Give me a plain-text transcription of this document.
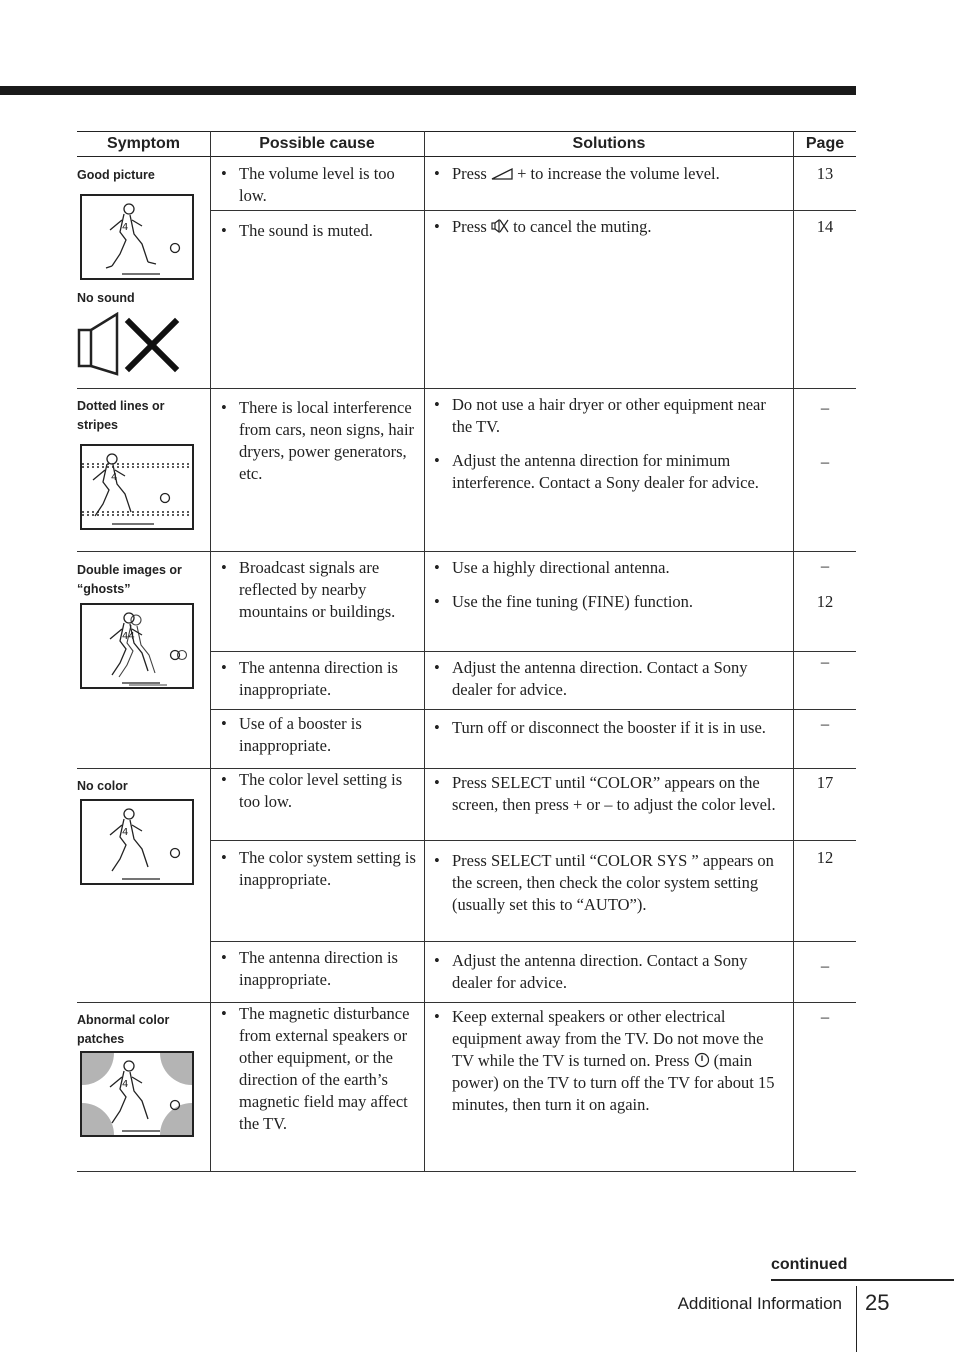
Symptom	Possible cause	Solutions	Page
Good picture
4
No sound
• The volume level is too low.
• Press + to increase the volume level.	13
• The sound is muted.
•	Press to cancel the muting.	14
Dotted lines or stripes
4
• There is local interference from cars, neon signs, hair dryers, power generators, etc.
• Do not use a hair dryer or other equipment near the TV.
• Adjust the antenna direction for minimum interference. Contact a Sony dealer for advice.
–
–
Double images or “ghosts”
44
• Broadcast signals are reflected by nearby mountains or buildings.
• Use a highly directional antenna.
• Use the fine tuning (FINE) function.
–
12
• The antenna direction is inappropriate.
• Adjust the antenna direction. Contact a Sony dealer for advice.
–
• Use of a booster is inappropriate.
• Turn off or disconnect the booster if it is in use.	–
No color
4
• The color level setting is too low.
• Press SELECT until “COLOR” appears on the screen, then press + or – to adjust the color level.
17
• The color system setting is inappropriate.
• Press SELECT until “COLOR SYS ” appears on the screen, then check the color system setting (usually set this to “AUTO”).
12
• The antenna direction is inappropriate.
• Adjust the antenna direction. Contact a Sony dealer for advice.
–
Abnormal color patches
4
• The magnetic disturbance from external speakers or other equipment, or the direction of the earth’s magnetic field may affect the TV.
• Keep external speakers or other electrical equipment away from the TV. Do not move the TV while the TV is turned on. Press (main power) on the TV to turn off the TV for about 15 minutes, then turn it on again.
–
continued
Additional Information 25
